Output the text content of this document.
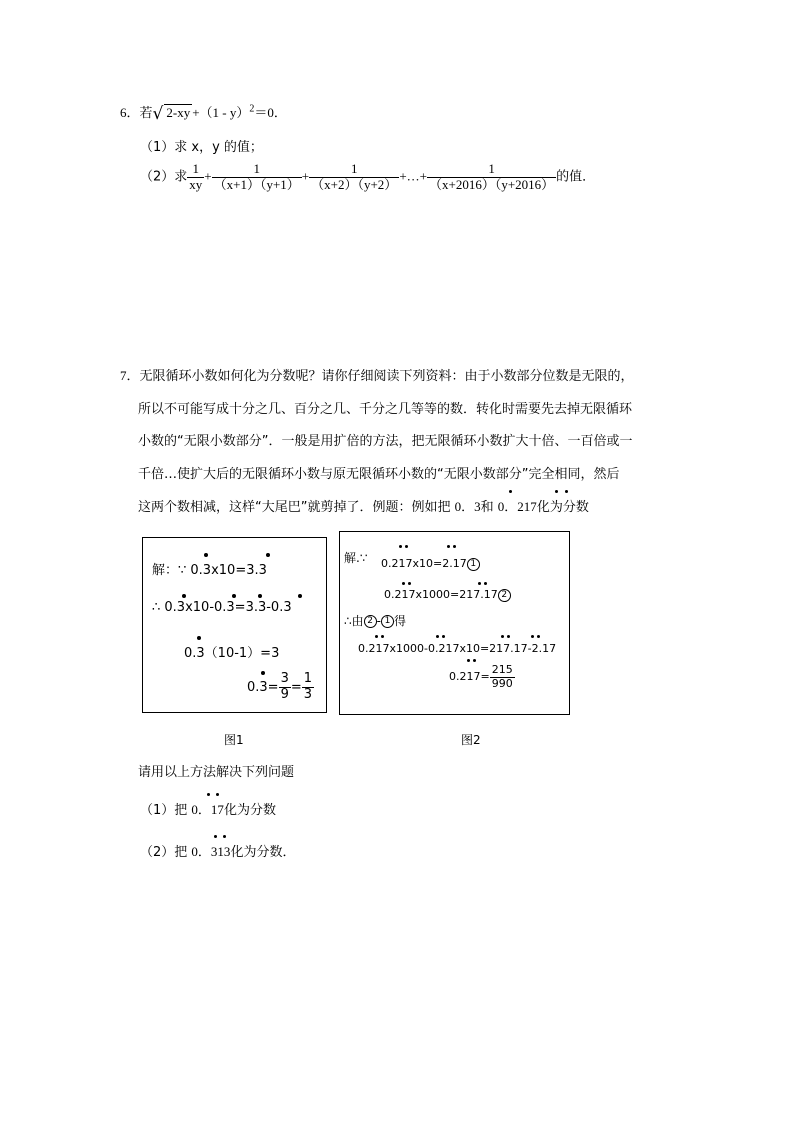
6．若√ 2-xy +（1 - y）$^2$＝0．
（1）求 x，y 的值；
（2）求 $\frac{1}{xy} + \frac{1}{(x+1)(y+1)} + \frac{1}{(x+2)(y+2)}$ +…+ $\frac{1}{(x+2016)(y+2016)}$ 的值．
7．无限循环小数如何化为分数呢？请你仔细阅读下列资料：由于小数部分位数是无限的，
所以不可能写成十分之几、百分之几、千分之几等等的数．转化时需要先去掉无限循环
小数的“无限小数部分”．一般是用扩倍的方法，把无限循环小数扩大十倍、一百倍或一
千倍…使扩大后的无限循环小数与原无限循环小数的“无限小数部分”完全相同，然后
这两个数相减，这样“大尾巴”就剪掉了．例题：例如把 0．3和 0．217化为分数
解：∵ 0.3x10=3.3
∴ 0.3x10-0.3=3.3-0.3
0.3（10-1）=3
$0.3= \frac{3}{9} = \frac{1}{3}$
图1
解.∵ 0.217x10=2.17 1
0.217x1000=217.17 2
∴由 2 - 1 得
0.217x1000-0.217x10=217.17-2.17
$0.217= \frac{215}{990}$
图2
请用以上方法解决下列问题
（1）把 0．17化为分数
（2）把 0．313化为分数．
